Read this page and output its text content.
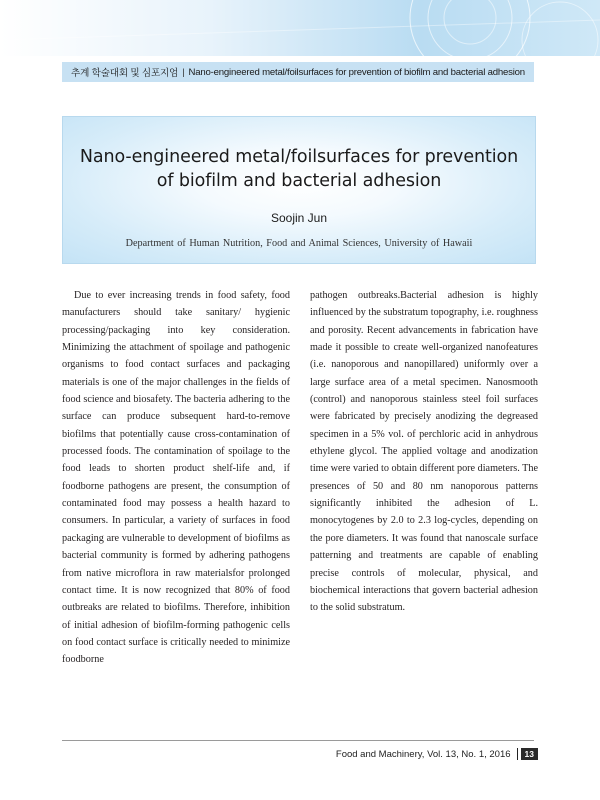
추계 학술대회 및 심포지엄 | Nano-engineered metal/foilsurfaces for prevention of biofilm and bacterial adhesion
Nano-engineered metal/foilsurfaces for prevention
of biofilm and bacterial adhesion
Soojin Jun
Department of Human Nutrition, Food and Animal Sciences, University of Hawaii

Due to ever increasing trends in food safety, food manufacturers should take sanitary/ hygienic processing/packaging into key consideration. Minimizing the attachment of spoilage and pathogenic organisms to food contact surfaces and packaging materials is one of the major challenges in the fields of food science and biosafety. The bacteria adhering to the surface can produce subsequent hard-to-remove biofilms that potentially cause cross-contamination of processed foods. The contamination of spoilage to the food leads to shorten product shelf-life and, if foodborne pathogens are present, the consumption of contaminated food may possess a health hazard to consumers. In particular, a variety of surfaces in food packaging are vulnerable to development of biofilms as bacterial community is formed by adhering pathogens from native microflora in raw materialsfor prolonged contact time. It is now recognized that 80% of food outbreaks are related to biofilms. Therefore, inhibition of initial adhesion of biofilm-forming pathogenic cells on food contact surface is critically needed to minimize foodborne

pathogen outbreaks.Bacterial adhesion is highly influenced by the substratum topography, i.e. roughness and porosity. Recent advancements in fabrication have made it possible to create well-organized nanofeatures (i.e. nanoporous and nanopillared) uniformly over a large surface area of a metal specimen. Nanosmooth (control) and nanoporous stainless steel foil surfaces were fabricated by precisely anodizing the degreased specimen in a 5% vol. of perchloric acid in anhydrous ethylene glycol. The applied voltage and anodization time were varied to obtain different pore diameters. The presences of 50 and 80 nm nanoporous patterns significantly inhibited the adhesion of L. monocytogenes by 2.0 to 2.3 log-cycles, depending on the pore diameters. It was found that nanoscale surface patterning and treatments are capable of enabling precise controls of molecular, physical, and biochemical interactions that govern bacterial adhesion to the solid substratum.

Food and Machinery, Vol. 13, No. 1, 2016	13
